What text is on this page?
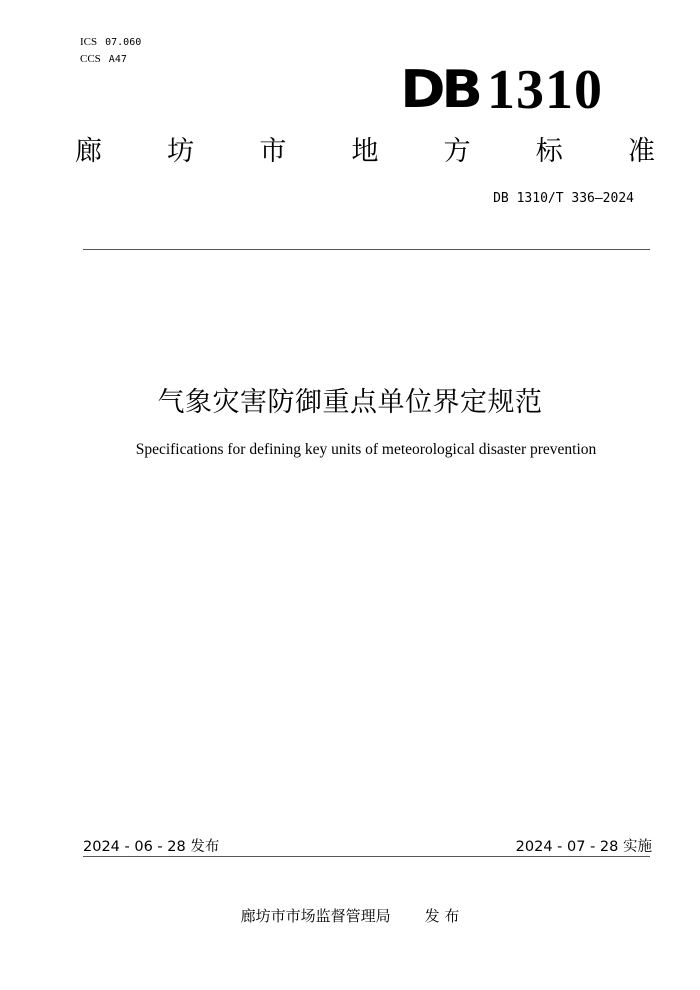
ICS 07.060
CCS A47
DB 1310
廊 坊 市 地 方 标 准
DB 1310/T 336—2024
气象灾害防御重点单位界定规范
Specifications for defining key units of meteorological disaster prevention
2024 - 06 - 28 发布	2024 - 07 - 28 实施
廊坊市市场监督管理局 发 布
